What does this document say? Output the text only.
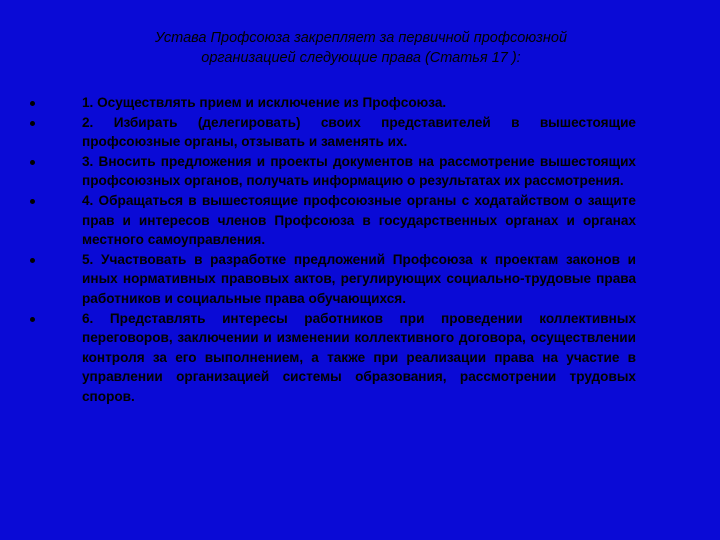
Устава Профсоюза закрепляет за первичной профсоюзной
организацией следующие права (Статья 17 ):
1. Осуществлять прием и исключение из Профсоюза.
2. Избирать (делегировать) своих представителей в вышестоящие профсоюзные органы, отзывать и заменять их.
3. Вносить предложения и проекты документов на рассмотрение вышестоящих профсоюзных органов, получать информацию о результатах их рассмотрения.
4. Обращаться в вышестоящие профсоюзные органы с ходатайством о защите прав и интересов членов Профсоюза в государственных органах и органах местного самоуправления.
5. Участвовать в разработке предложений Профсоюза к проектам законов и иных нормативных правовых актов, регулирующих социально-трудовые права работников и социальные права обучающихся.
6. Представлять интересы работников при проведении коллективных переговоров, заключении и изменении коллективного договора, осуществлении контроля за его выполнением, а также при реализации права на участие в управлении организацией системы образования, рассмотрении трудовых споров.
